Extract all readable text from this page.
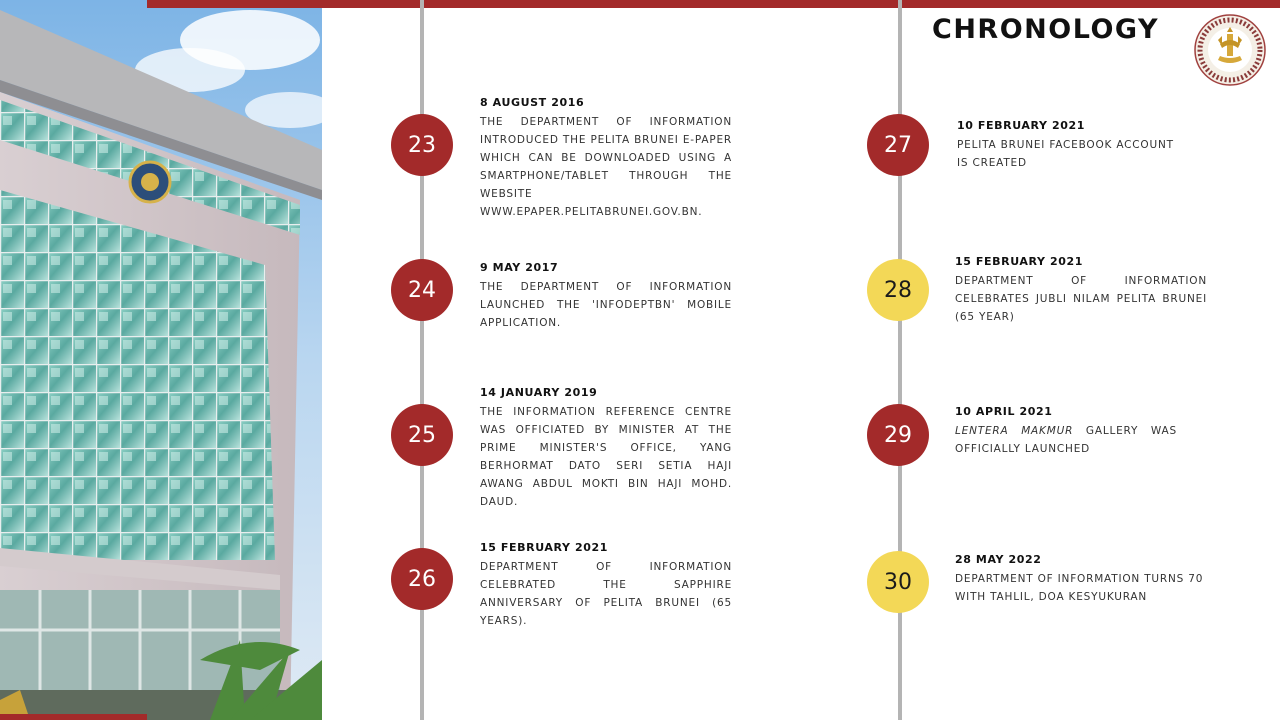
CHRONOLOGY
23
8 AUGUST 2016
THE DEPARTMENT OF INFORMATION INTRODUCED THE PELITA BRUNEI E-PAPER WHICH CAN BE DOWNLOADED USING A SMARTPHONE/TABLET THROUGH THE WEBSITE WWW.EPAPER.PELITABRUNEI.GOV.BN.
24
9 MAY 2017
THE DEPARTMENT OF INFORMATION LAUNCHED THE 'INFODEPTBN' MOBILE APPLICATION.
25
14 JANUARY 2019
THE INFORMATION REFERENCE CENTRE WAS OFFICIATED BY MINISTER AT THE PRIME MINISTER'S OFFICE, YANG BERHORMAT DATO SERI SETIA HAJI AWANG ABDUL MOKTI BIN HAJI MOHD. DAUD.
26
15 FEBRUARY 2021
DEPARTMENT OF INFORMATION CELEBRATED THE SAPPHIRE ANNIVERSARY OF PELITA BRUNEI (65 YEARS).
27
10 FEBRUARY 2021
PELITA BRUNEI FACEBOOK ACCOUNT IS CREATED
28
15 FEBRUARY 2021
DEPARTMENT OF INFORMATION CELEBRATES JUBLI NILAM PELITA BRUNEI (65 YEAR)
29
10 APRIL 2021
LENTERA MAKMUR GALLERY WAS OFFICIALLY LAUNCHED
30
28 MAY 2022
DEPARTMENT OF INFORMATION TURNS 70 WITH TAHLIL, DOA KESYUKURAN
